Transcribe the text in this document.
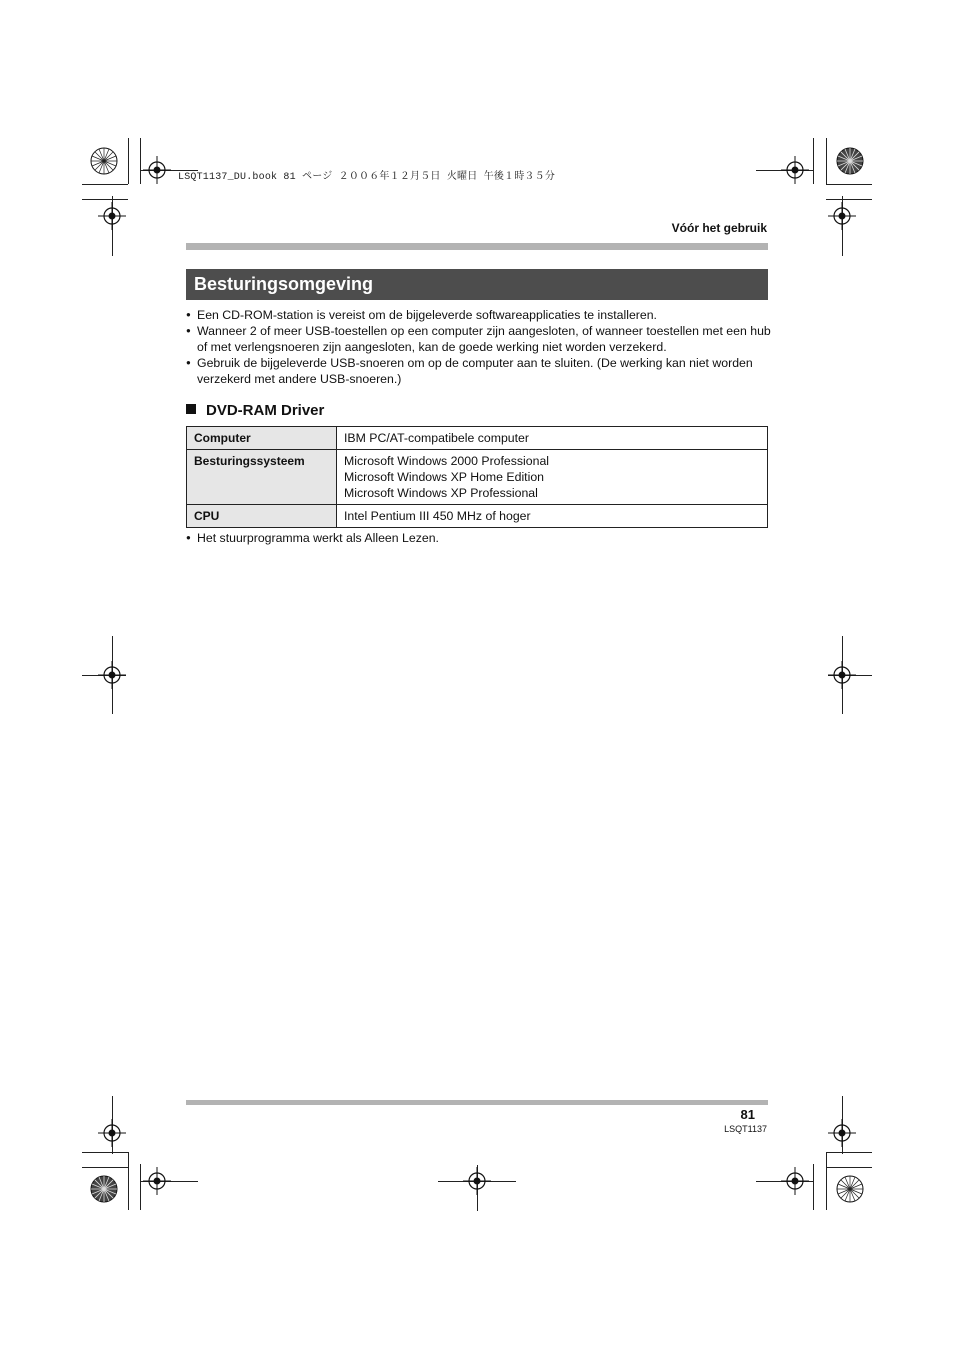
LSQT1137_DU.book 81 ページ ２００６年１２月５日 火曜日 午後１時３５分
Vóór het gebruik
Besturingsomgeving
● Een CD-ROM-station is vereist om de bijgeleverde softwareapplicaties te installeren.
● Wanneer 2 of meer USB-toestellen op een computer zijn aangesloten, of wanneer toestellen met een hub of met verlengsnoeren zijn aangesloten, kan de goede werking niet worden verzekerd.
● Gebruik de bijgeleverde USB-snoeren om op de computer aan te sluiten. (De werking kan niet worden verzekerd met andere USB-snoeren.)
DVD-RAM Driver
Computer	IBM PC/AT-compatibele computer

Besturingssysteem	Microsoft Windows 2000 Professional
Microsoft Windows XP Home Edition
Microsoft Windows XP Professional

CPU	Intel Pentium III 450 MHz of hoger
● Het stuurprogramma werkt als Alleen Lezen.
81
LSQT1137
